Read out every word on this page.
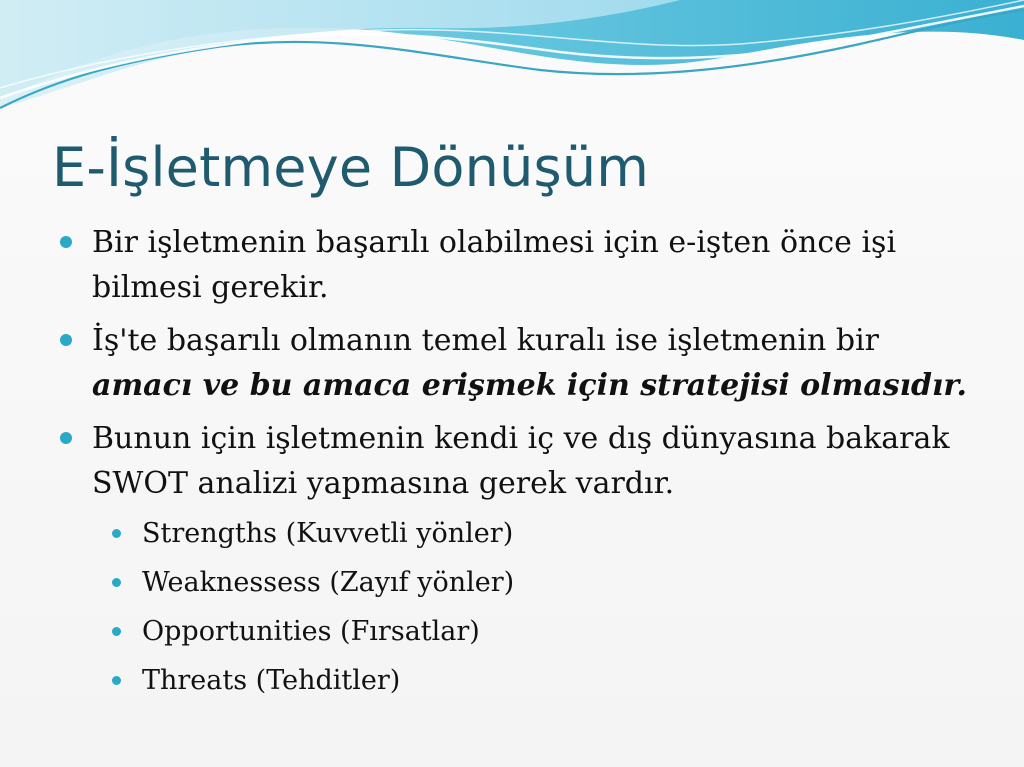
E-İşletmeye Dönüşüm
Bir işletmenin başarılı olabilmesi için e-işten önce işi bilmesi gerekir.
İş'te başarılı olmanın temel kuralı ise işletmenin bir amacı ve bu amaca erişmek için stratejisi olmasıdır.
Bunun için işletmenin kendi iç ve dış dünyasına bakarak SWOT analizi yapmasına gerek vardır.
Strengths (Kuvvetli yönler)
Weaknessess (Zayıf yönler)
Opportunities (Fırsatlar)
Threats (Tehditler)
